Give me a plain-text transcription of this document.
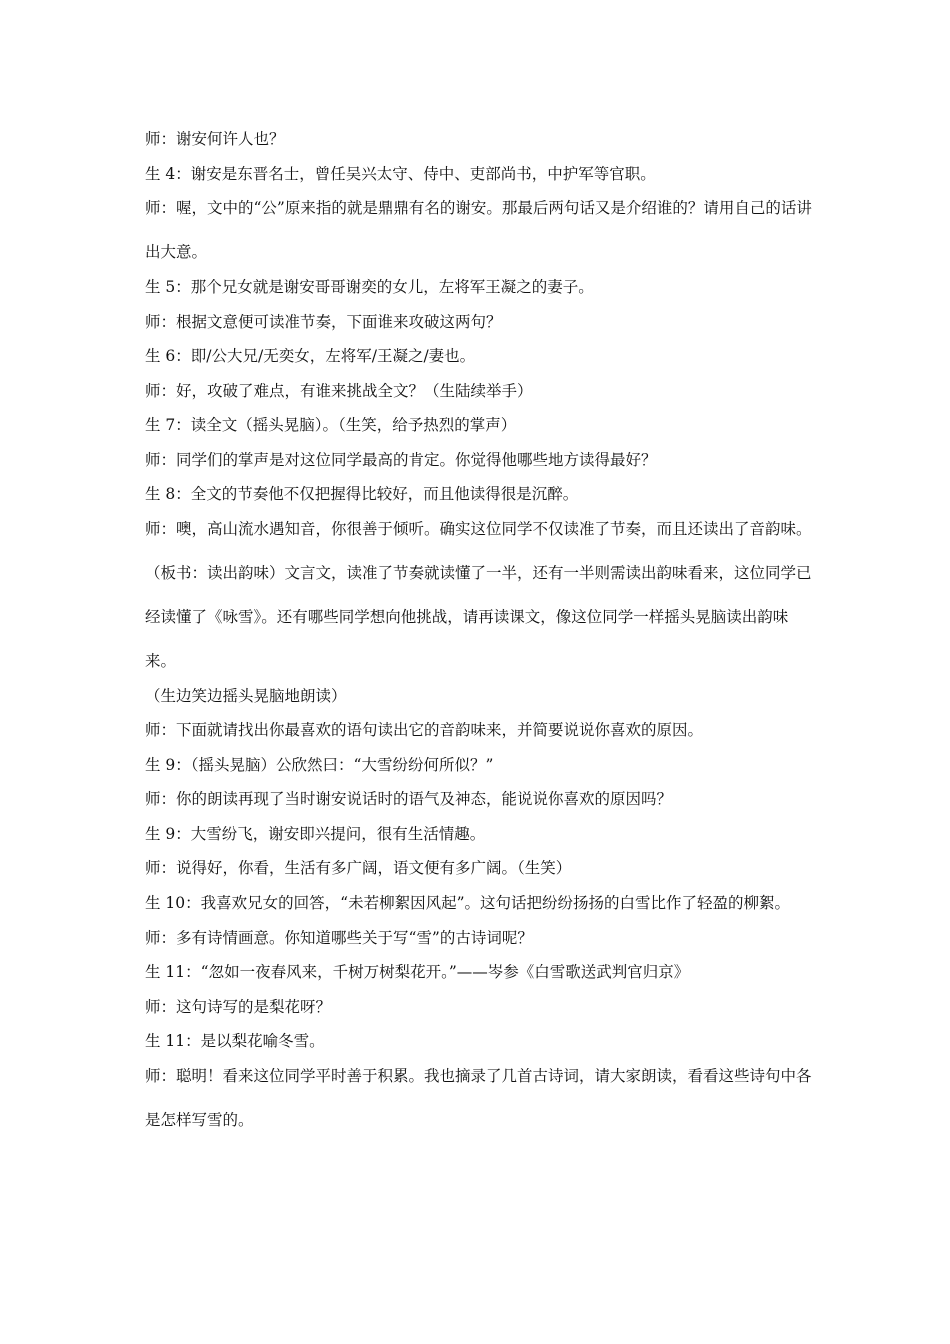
师：谢安何许人也？

生 4：谢安是东晋名士，曾任吴兴太守、侍中、吏部尚书，中护军等官职。

师：喔，文中的“公”原来指的就是鼎鼎有名的谢安。那最后两句话又是介绍谁的？请用自己的话讲出大意。

生 5：那个兄女就是谢安哥哥谢奕的女儿，左将军王凝之的妻子。

师：根据文意便可读准节奏，下面谁来攻破这两句？

生 6：即/公大兄/无奕女，左将军/王凝之/妻也。

师：好，攻破了难点，有谁来挑战全文？（生陆续举手）

生 7：读全文（摇头晃脑）。（生笑，给予热烈的掌声）

师：同学们的掌声是对这位同学最高的肯定。你觉得他哪些地方读得最好？

生 8：全文的节奏他不仅把握得比较好，而且他读得很是沉醉。

师：噢，高山流水遇知音，你很善于倾听。确实这位同学不仅读准了节奏，而且还读出了音韵味。（板书：读出韵味）文言文，读准了节奏就读懂了一半，还有一半则需读出韵味看来，这位同学已经读懂了《咏雪》。还有哪些同学想向他挑战，请再读课文，像这位同学一样摇头晃脑读出韵味来。

（生边笑边摇头晃脑地朗读）

师：下面就请找出你最喜欢的语句读出它的音韵味来，并简要说说你喜欢的原因。

生 9：（摇头晃脑）公欣然曰：“大雪纷纷何所似？”

师：你的朗读再现了当时谢安说话时的语气及神态，能说说你喜欢的原因吗？

生 9：大雪纷飞，谢安即兴提问，很有生活情趣。

师：说得好，你看，生活有多广阔，语文便有多广阔。（生笑）

生 10：我喜欢兄女的回答，“未若柳絮因风起”。这句话把纷纷扬扬的白雪比作了轻盈的柳絮。

师：多有诗情画意。你知道哪些关于写“雪”的古诗词呢？

生 11：“忽如一夜春风来，千树万树梨花开。”——岑参《白雪歌送武判官归京》

师：这句诗写的是梨花呀？

生 11：是以梨花喻冬雪。

师：聪明！看来这位同学平时善于积累。我也摘录了几首古诗词，请大家朗读，看看这些诗句中各是怎样写雪的。
